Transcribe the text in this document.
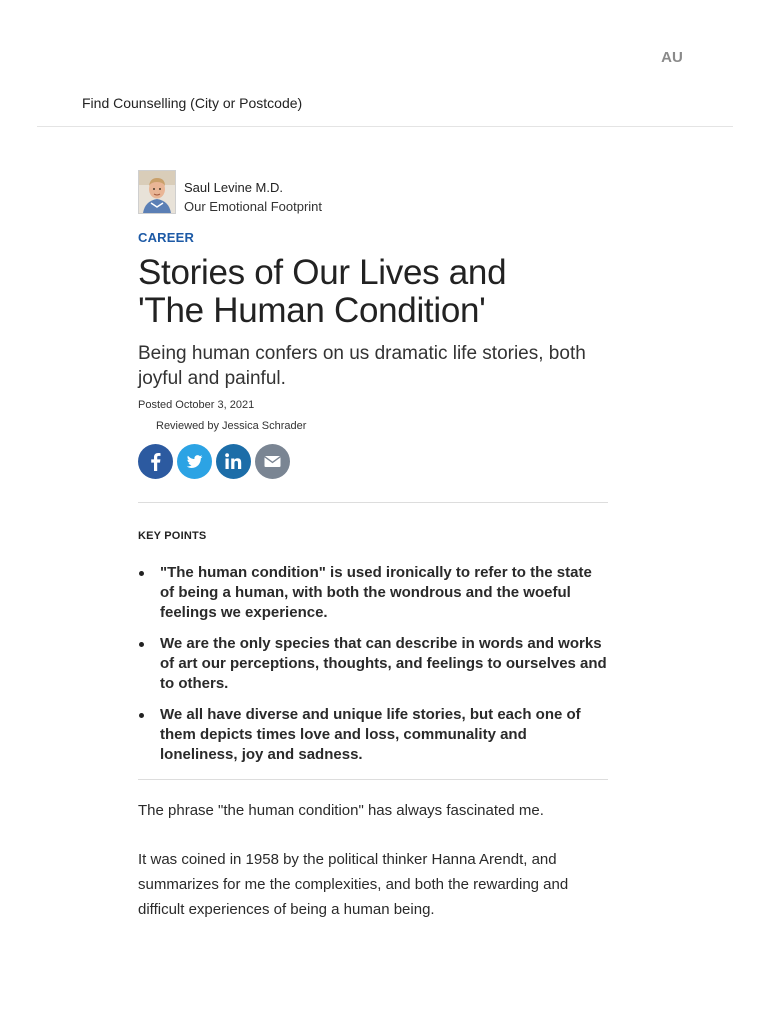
AU
Find Counselling (City or Postcode)
Saul Levine M.D.
Our Emotional Footprint
CAREER
Stories of Our Lives and
'The Human Condition'
Being human confers on us dramatic life stories, both joyful and painful.
Posted October 3, 2021
Reviewed by Jessica Schrader
KEY POINTS
"The human condition" is used ironically to refer to the state of being a human, with both the wondrous and the woeful feelings we experience.
We are the only species that can describe in words and works of art our perceptions, thoughts, and feelings to ourselves and to others.
We all have diverse and unique life stories, but each one of them depicts times love and loss, communality and loneliness, joy and sadness.

The phrase "the human condition" has always fascinated me.

It was coined in 1958 by the political thinker Hanna Arendt, and summarizes for me the complexities, and both the rewarding and difficult experiences of being a human being.
